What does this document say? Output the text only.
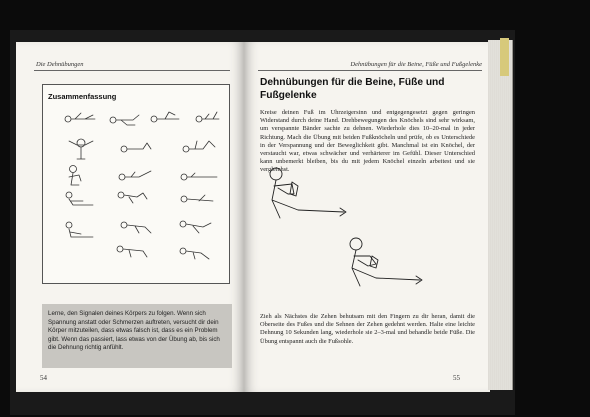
Die Dehnübungen
Zusammenfassung

Lerne, den Signalen deines Körpers zu folgen. Wenn sich Spannung anstatt oder Schmerzen auftreten, versucht dir dein Körper mitzuteilen, dass etwas falsch ist, dass es ein Problem gibt. Wenn das passiert, lass etwas von der Übung ab, bis sich die Dehnung richtig anfühlt.

54
Dehnübungen für die Beine, Füße und Fußgelenke
Dehnübungen für die Beine, Füße und Fußgelenke

Kreise deinen Fuß im Uhrzeigersinn und entgegengesetzt gegen geringen Widerstand durch deine Hand. Drehbewegungen des Knöchels sind sehr wirksam, um verspannte Bänder sachte zu dehnen. Wiederhole dies 10–20-mal in jeder Richtung. Mach die Übung mit beiden Fußknöcheln und prüfe, ob es Unterschiede in der Verspannung und der Beweglichkeit gibt. Manchmal ist ein Knöchel, der verstaucht war, etwas schwächer und verhärterer im Gefühl. Dieser Unterschied kann unbemerkt bleiben, bis du mit jedem Knöchel einzeln arbeitest und sie vergleichst.

Zieh als Nächstes die Zehen behutsam mit den Fingern zu dir heran, damit die Oberseite des Fußes und die Sehnen der Zehen gedehnt werden. Halte eine leichte Dehnung 10 Sekunden lang, wiederhole sie 2–3-mal und behandle beide Füße. Die Übung entspannt auch die Fußsohle.

55
